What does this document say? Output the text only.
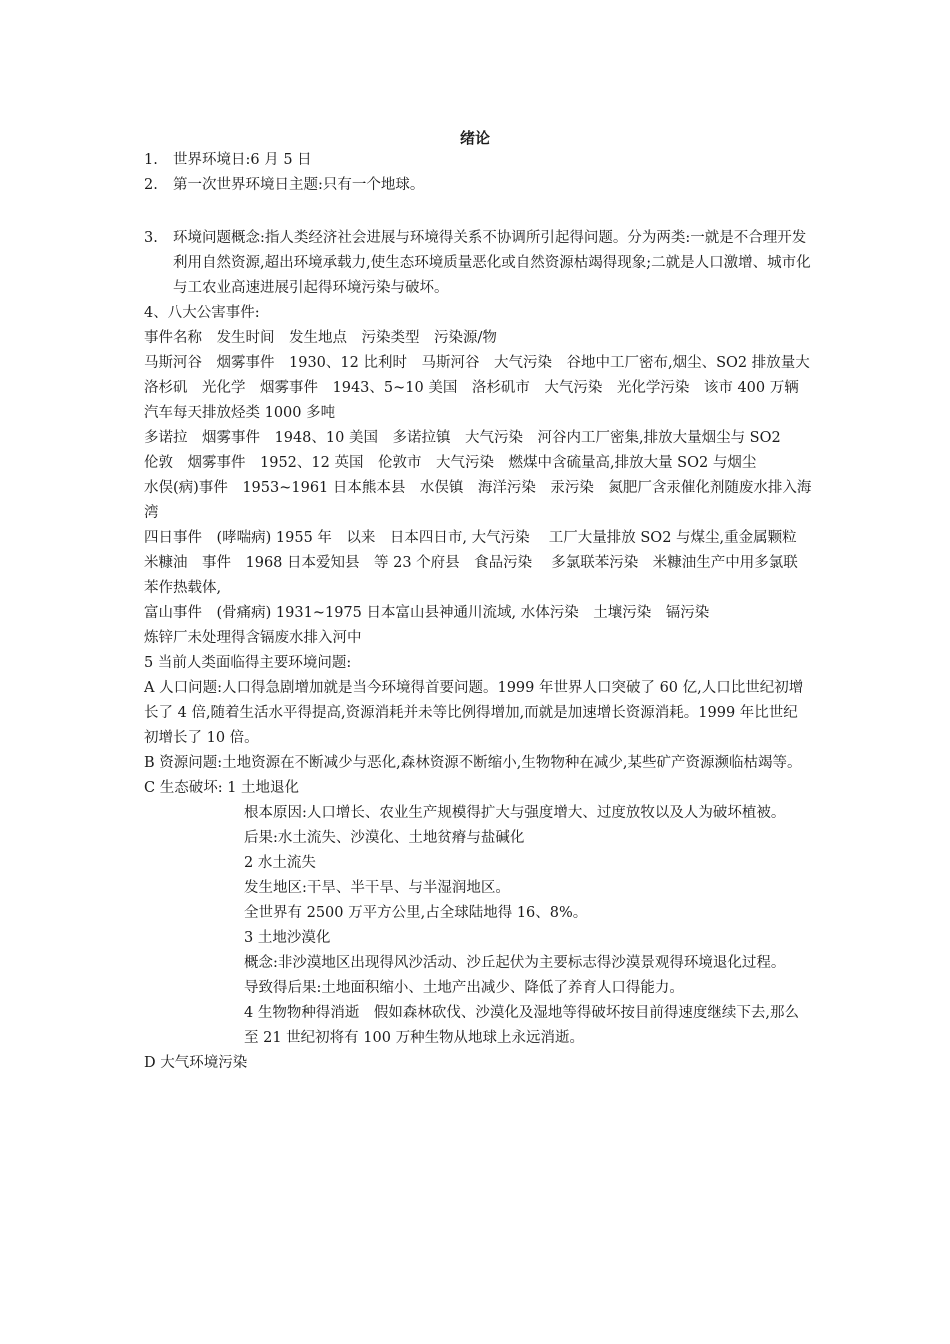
绪论
1. 世界环境日:6 月 5 日
2. 第一次世界环境日主题:只有一个地球。
3. 环境问题概念:指人类经济社会进展与环境得关系不协调所引起得问题。分为两类:一就是不合理开发利用自然资源,超出环境承载力,使生态环境质量恶化或自然资源枯竭得现象;二就是人口激增、城市化与工农业高速进展引起得环境污染与破坏。
4、八大公害事件:
事件名称　发生时间　发生地点　污染类型　污染源/物
马斯河谷　烟雾事件　1930、12 比利时　马斯河谷　大气污染　谷地中工厂密布,烟尘、SO2 排放量大
洛杉矶　光化学　烟雾事件　1943、5~10 美国　洛杉矶市　大气污染　光化学污染　该市 400 万辆汽车每天排放烃类 1000 多吨
多诺拉　烟雾事件　1948、10 美国　多诺拉镇　大气污染　河谷内工厂密集,排放大量烟尘与 SO2
伦敦　烟雾事件　1952、12 英国　伦敦市　大气污染　燃煤中含硫量高,排放大量 SO2 与烟尘
水俣(病)事件　1953~1961 日本熊本县　水俣镇　海洋污染　汞污染　氮肥厂含汞催化剂随废水排入海湾
四日事件　(哮喘病) 1955 年　以来　日本四日市, 大气污染　 工厂大量排放 SO2 与煤尘,重金属颗粒
米糠油　事件　1968 日本爱知县　等 23 个府县　食品污染　 多氯联苯污染　米糠油生产中用多氯联苯作热载体,
富山事件　(骨痛病) 1931~1975 日本富山县神通川流域, 水体污染　土壤污染　镉污染
炼锌厂未处理得含镉废水排入河中
5 当前人类面临得主要环境问题:
A 人口问题:人口得急剧增加就是当今环境得首要问题。1999 年世界人口突破了 60 亿,人口比世纪初增长了 4 倍,随着生活水平得提高,资源消耗并未等比例得增加,而就是加速增长资源消耗。1999 年比世纪初增长了 10 倍。
B 资源问题:土地资源在不断减少与恶化,森林资源不断缩小,生物物种在减少,某些矿产资源濒临枯竭等。
C 生态破坏: 1 土地退化
根本原因:人口增长、农业生产规模得扩大与强度增大、过度放牧以及人为破坏植被。　　后果:水土流失、沙漠化、土地贫瘠与盐碱化
2 水土流失
发生地区:干旱、半干旱、与半湿润地区。
全世界有 2500 万平方公里,占全球陆地得 16、8%。
3 土地沙漠化
概念:非沙漠地区出现得风沙活动、沙丘起伏为主要标志得沙漠景观得环境退化过程。
导致得后果:土地面积缩小、土地产出减少、降低了养育人口得能力。
4 生物物种得消逝　假如森林砍伐、沙漠化及湿地等得破坏按目前得速度继续下去,那么至 21 世纪初将有 100 万种生物从地球上永远消逝。
D 大气环境污染
